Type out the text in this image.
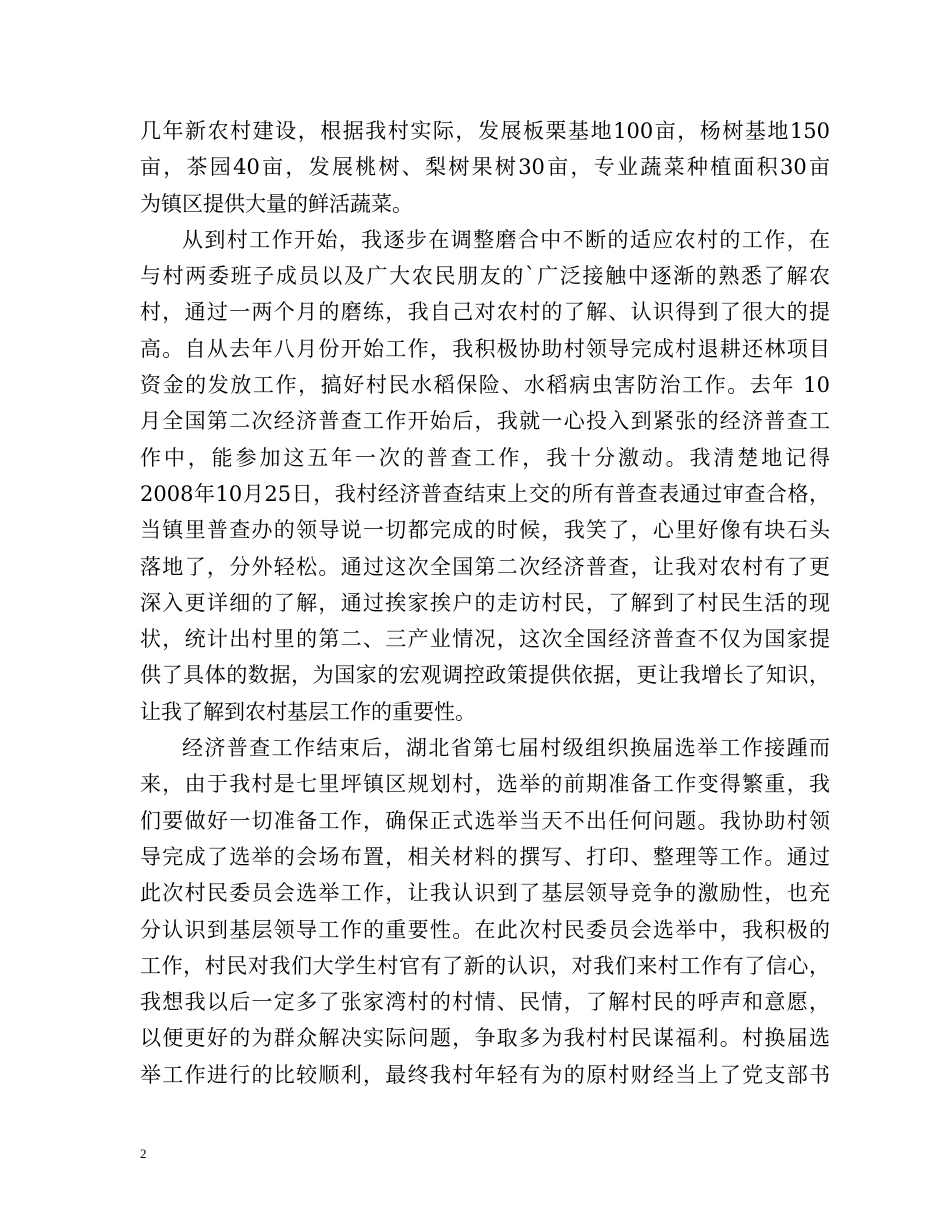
几年新农村建设，根据我村实际，发展板栗基地100亩，杨树基地150
亩，茶园40亩，发展桃树、梨树果树30亩，专业蔬菜种植面积30亩
为镇区提供大量的鲜活蔬菜。
从到村工作开始，我逐步在调整磨合中不断的适应农村的工作，在
与村两委班子成员以及广大农民朋友的`广泛接触中逐渐的熟悉了解农
村，通过一两个月的磨练，我自己对农村的了解、认识得到了很大的提
高。自从去年八月份开始工作，我积极协助村领导完成村退耕还林项目
资金的发放工作，搞好村民水稻保险、水稻病虫害防治工作。去年 10
月全国第二次经济普查工作开始后，我就一心投入到紧张的经济普查工
作中，能参加这五年一次的普查工作，我十分激动。我清楚地记得
2008年10月25日，我村经济普查结束上交的所有普查表通过审查合格，
当镇里普查办的领导说一切都完成的时候，我笑了，心里好像有块石头
落地了，分外轻松。通过这次全国第二次经济普查，让我对农村有了更
深入更详细的了解，通过挨家挨户的走访村民，了解到了村民生活的现
状，统计出村里的第二、三产业情况，这次全国经济普查不仅为国家提
供了具体的数据，为国家的宏观调控政策提供依据，更让我增长了知识，
让我了解到农村基层工作的重要性。
经济普查工作结束后，湖北省第七届村级组织换届选举工作接踵而
来，由于我村是七里坪镇区规划村，选举的前期准备工作变得繁重，我
们要做好一切准备工作，确保正式选举当天不出任何问题。我协助村领
导完成了选举的会场布置，相关材料的撰写、打印、整理等工作。通过
此次村民委员会选举工作，让我认识到了基层领导竞争的激励性，也充
分认识到基层领导工作的重要性。在此次村民委员会选举中，我积极的
工作，村民对我们大学生村官有了新的认识，对我们来村工作有了信心，
我想我以后一定多了张家湾村的村情、民情，了解村民的呼声和意愿，
以便更好的为群众解决实际问题，争取多为我村村民谋福利。村换届选
举工作进行的比较顺利，最终我村年轻有为的原村财经当上了党支部书
2
